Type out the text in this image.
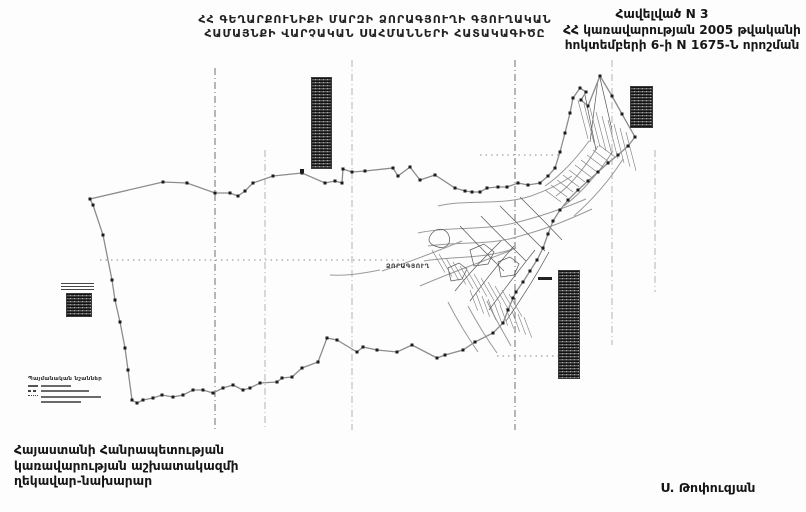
ՀՀ ԳԵՂԱՐՔՈՒՆԻՔԻ ՄԱՐԶԻ ՁՈՐԱԳՅՈՒՂԻ ԳՅՈՒՂԱԿԱՆ
ՀԱՄԱՅՆՔԻ ՎԱՐՉԱԿԱՆ ՍԱՀՄԱՆՆԵՐԻ ՀԱՏԱԿԱԳԻԾԸ
Հավելված N 3
ՀՀ կառավարության 2005 թվականի
հոկտեմբերի 6-ի N 1675-Ն որոշման
Պայմանական նշաններ
ՁՈՐԱԳՅՈՒՂ
Հայաստանի Հանրապետության
կառավարության աշխատակազմի
ղեկավար-նախարար	Ս. Թոփուզյան
